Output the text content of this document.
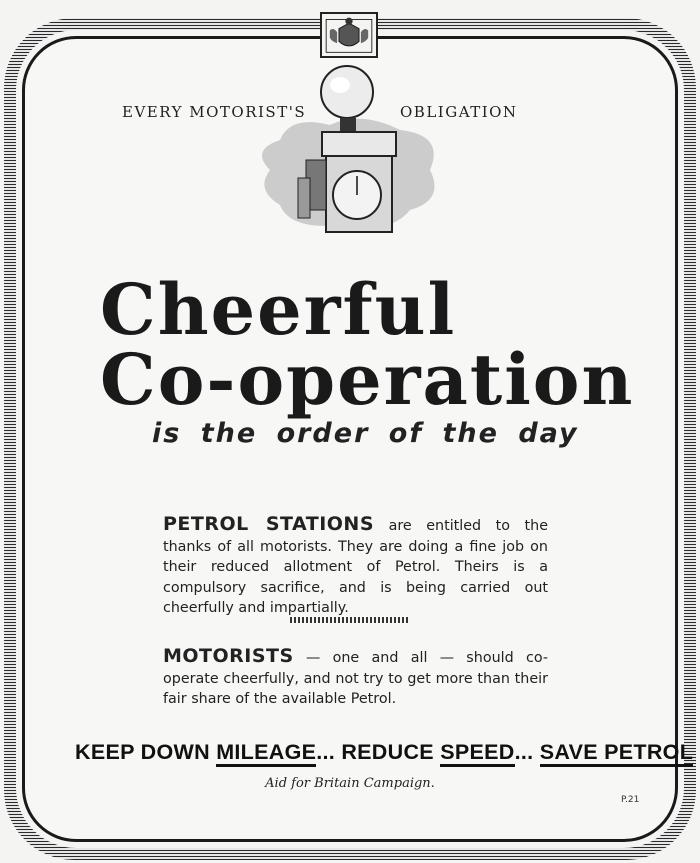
EVERY MOTORIST'S	OBLIGATION
Cheerful
Co-operation
is the order of the day
PETROL STATIONS are entitled to the thanks of all motorists. They are doing a fine job on their reduced allotment of Petrol. Theirs is a compulsory sacrifice, and is being carried out cheerfully and impartially.
MOTORISTS — one and all — should co-operate cheerfully, and not try to get more than their fair share of the available Petrol.
KEEP DOWN MILEAGE... REDUCE SPEED... SAVE PETROL
Aid for Britain Campaign.
P.21
